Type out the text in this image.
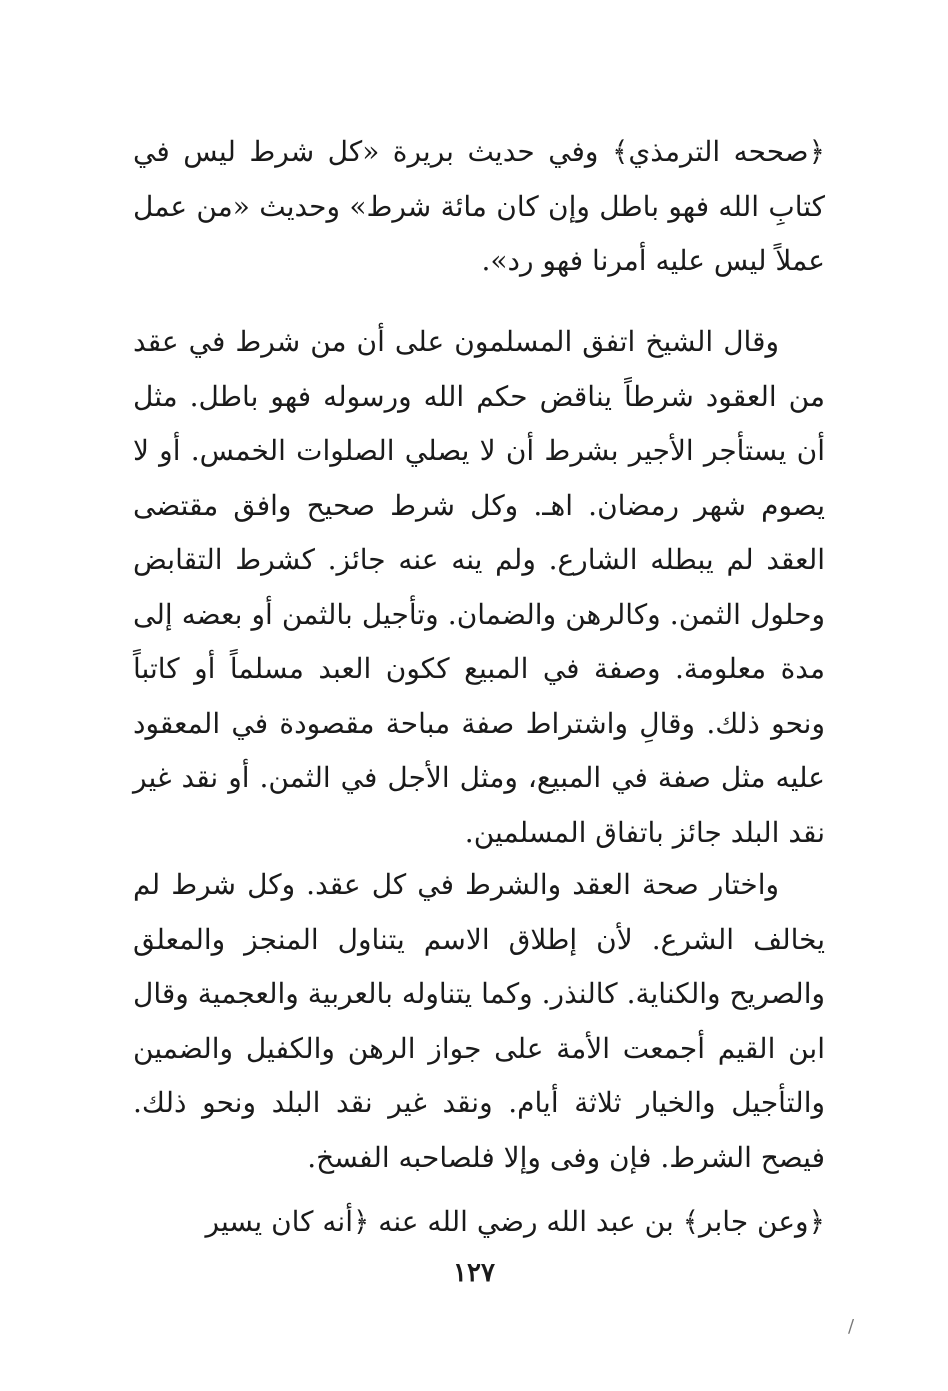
﴿صححه الترمذي﴾ وفي حديث بريرة «كل شرط ليس في كتابِ الله فهو باطل وإن كان مائة شرط» وحديث «من عمل عملاً ليس عليه أمرنا فهو رد».

وقال الشيخ اتفق المسلمون على أن من شرط في عقد من العقود شرطاً يناقض حكم الله ورسوله فهو باطل. مثل أن يستأجر الأجير بشرط أن لا يصلي الصلوات الخمس. أو لا يصوم شهر رمضان. اهـ. وكل شرط صحيح وافق مقتضى العقد لم يبطله الشارع. ولم ينه عنه جائز. كشرط التقابض وحلول الثمن. وكالرهن والضمان. وتأجيل بالثمن أو بعضه إلى مدة معلومة. وصفة في المبيع ككون العبد مسلماً أو كاتباً ونحو ذلك. وقالِ واشتراط صفة مباحة مقصودة في المعقود عليه مثل صفة في المبيع، ومثل الأجل في الثمن. أو نقد غير نقد البلد جائز باتفاق المسلمين.

واختار صحة العقد والشرط في كل عقد. وكل شرط لم يخالف الشرع. لأن إطلاق الاسم يتناول المنجز والمعلق والصريح والكناية. كالنذر. وكما يتناوله بالعربية والعجمية وقال ابن القيم أجمعت الأمة على جواز الرهن والكفيل والضمين والتأجيل والخيار ثلاثة أيام. ونقد غير نقد البلد ونحو ذلك. فيصح الشرط. فإن وفى وإلا فلصاحبه الفسخ.

﴿وعن جابر﴾ بن عبد الله رضي الله عنه ﴿أنه كان يسير

١٢٧
/
